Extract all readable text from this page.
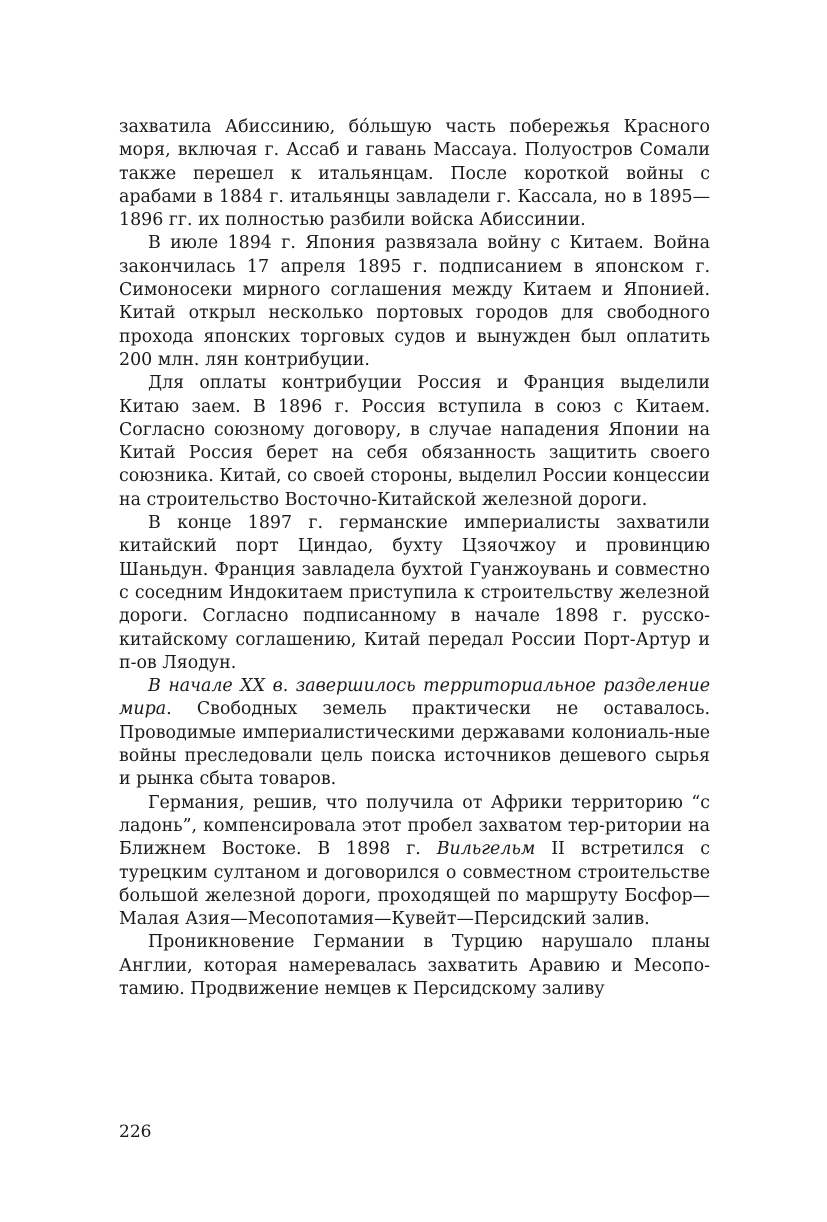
захватила Абиссинию, бо́льшую часть побережья Красного моря, включая г. Ассаб и гавань Массауа. Полуостров Сомали также перешел к итальянцам. После короткой войны с арабами в 1884 г. итальянцы завладели г. Кассала, но в 1895—1896 гг. их полностью разбили войска Абиссинии.

В июле 1894 г. Япония развязала войну с Китаем. Война закончилась 17 апреля 1895 г. подписанием в японском г. Симоносеки мирного соглашения между Китаем и Японией. Китай открыл несколько портовых городов для свободного прохода японских торговых судов и вынужден был оплатить 200 млн. лян контрибуции.

Для оплаты контрибуции Россия и Франция выделили Китаю заем. В 1896 г. Россия вступила в союз с Китаем. Согласно союзному договору, в случае нападения Японии на Китай Россия берет на себя обязанность защитить своего союзника. Китай, со своей стороны, выделил России концессии на строительство Восточно-Китайской железной дороги.

В конце 1897 г. германские империалисты захватили китайский порт Циндао, бухту Цзяочжоу и провинцию Шаньдун. Франция завладела бухтой Гуанжоувань и совместно с соседним Индокитаем приступила к строительству железной дороги. Согласно подписанному в начале 1898 г. русско-китайскому соглашению, Китай передал России Порт-Артур и п-ов Ляодун.

В начале XX в. завершилось территориальное разделение мира. Свободных земель практически не оставалось. Проводимые империалистическими державами колониаль-ные войны преследовали цель поиска источников дешевого сырья и рынка сбыта товаров.

Германия, решив, что получила от Африки территорию “с ладонь”, компенсировала этот пробел захватом тер-ритории на Ближнем Востоке. В 1898 г. Вильгельм II встретился с турецким султаном и договорился о совместном строительстве большой железной дороги, проходящей по маршруту Босфор—Малая Азия—Месопотамия—Кувейт—Персидский залив.

Проникновение Германии в Турцию нарушало планы Англии, которая намеревалась захватить Аравию и Месопо-тамию. Продвижение немцев к Персидскому заливу

226
